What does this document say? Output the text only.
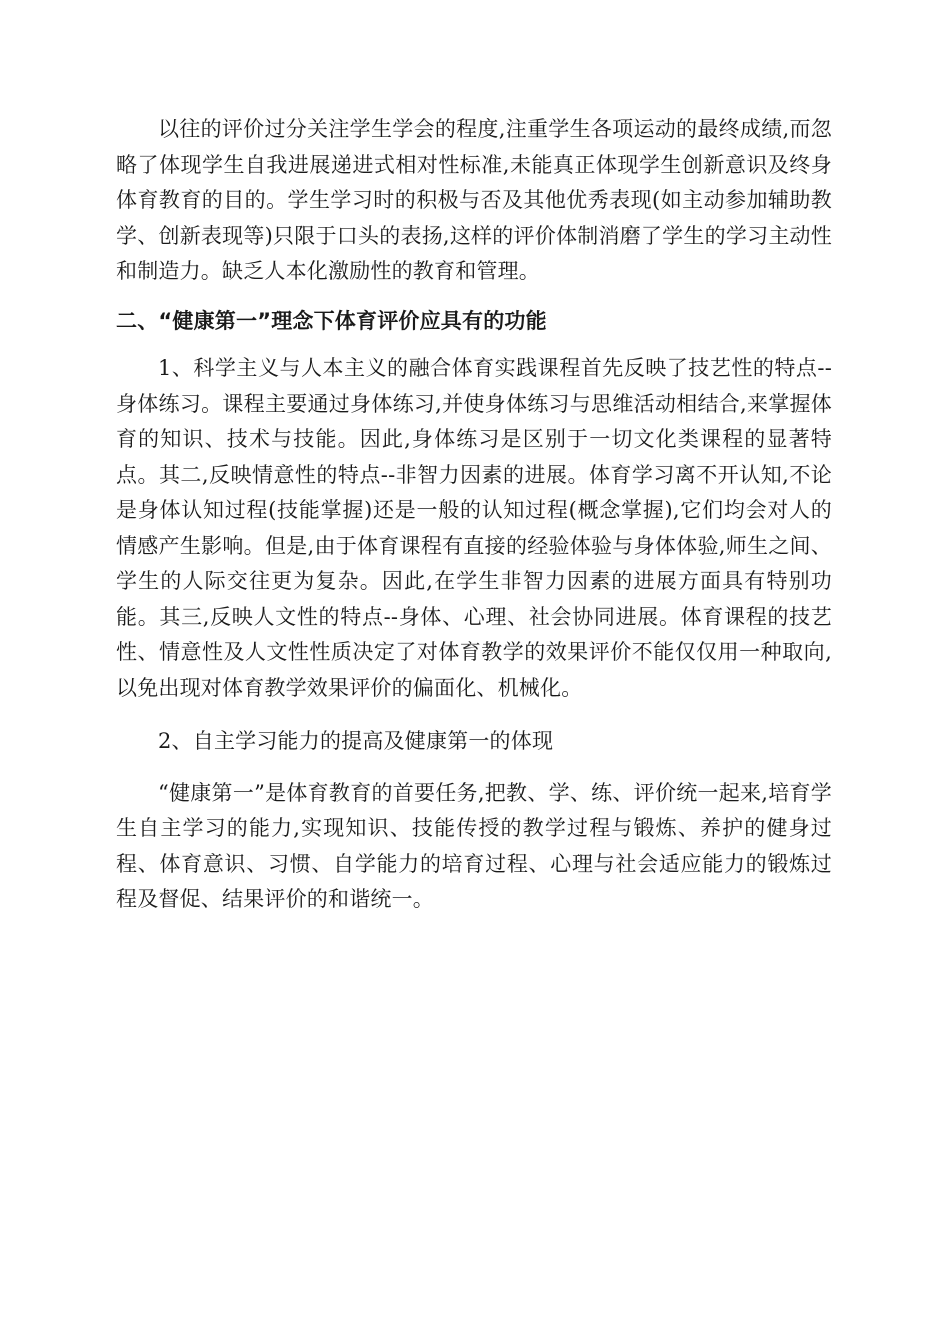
以往的评价过分关注学生学会的程度,注重学生各项运动的最终成绩,而忽略了体现学生自我进展递进式相对性标准,未能真正体现学生创新意识及终身体育教育的目的。学生学习时的积极与否及其他优秀表现(如主动参加辅助教学、创新表现等)只限于口头的表扬,这样的评价体制消磨了学生的学习主动性和制造力。缺乏人本化激励性的教育和管理。

二、“健康第一”理念下体育评价应具有的功能

1、科学主义与人本主义的融合体育实践课程首先反映了技艺性的特点--身体练习。课程主要通过身体练习,并使身体练习与思维活动相结合,来掌握体育的知识、技术与技能。因此,身体练习是区别于一切文化类课程的显著特点。其二,反映情意性的特点--非智力因素的进展。体育学习离不开认知,不论是身体认知过程(技能掌握)还是一般的认知过程(概念掌握),它们均会对人的情感产生影响。但是,由于体育课程有直接的经验体验与身体体验,师生之间、学生的人际交往更为复杂。因此,在学生非智力因素的进展方面具有特别功能。其三,反映人文性的特点--身体、心理、社会协同进展。体育课程的技艺性、情意性及人文性性质决定了对体育教学的效果评价不能仅仅用一种取向,以免出现对体育教学效果评价的偏面化、机械化。

2、自主学习能力的提高及健康第一的体现

“健康第一”是体育教育的首要任务,把教、学、练、评价统一起来,培育学生自主学习的能力,实现知识、技能传授的教学过程与锻炼、养护的健身过程、体育意识、习惯、自学能力的培育过程、心理与社会适应能力的锻炼过程及督促、结果评价的和谐统一。
